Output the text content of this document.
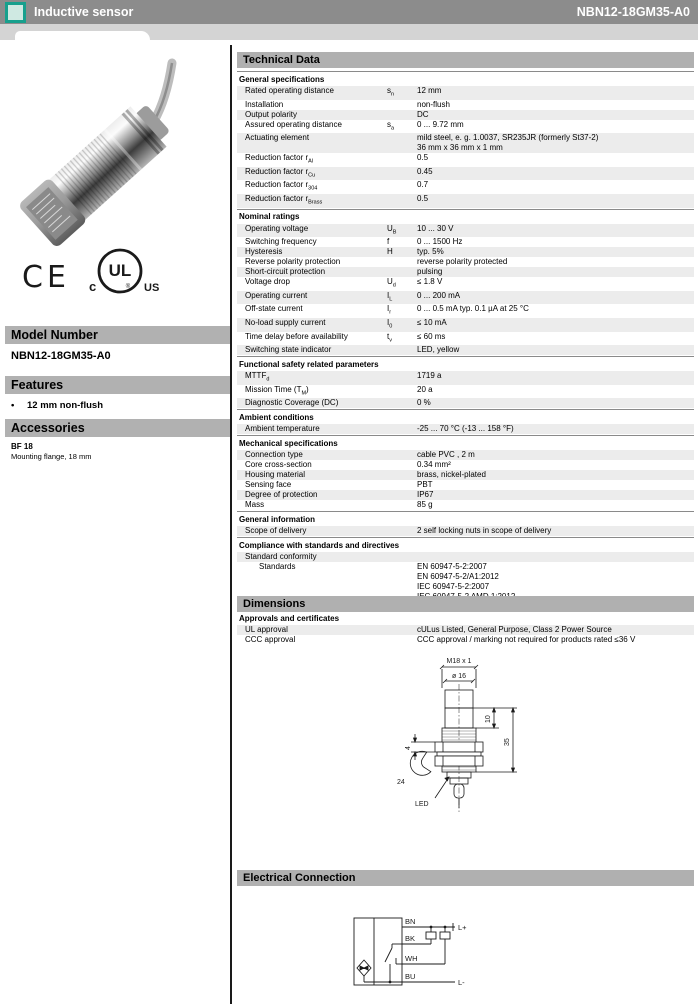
Inductive sensor	NBN12-18GM35-A0
CE UL
®
c	US
Model Number
NBN12-18GM35-A0
Features
•	12 mm non-flush
Accessories
BF 18
Mounting flange, 18 mm
Technical Data
General specifications
Rated operating distance	$s_n$	12 mm
Installation	non-flush
Output polarity	DC
Assured operating distance	$s_a$	0 ... 9.72 mm
Actuating element	mild steel, e. g. 1.0037, SR235JR (formerly St37-2)
36 mm x 36 mm x 1 mm
Reduction factor $r_{Al}$	0.5
Reduction factor $r_{Cu}$	0.45
Reduction factor $r_{304}$	0.7
Reduction factor $r_{Brass}$	0.5
Nominal ratings
Operating voltage	$U_B$	10 ... 30 V
Switching frequency	f	0 ... 1500 Hz
Hysteresis	H	typ. 5%
Reverse polarity protection	reverse polarity protected
Short-circuit protection	pulsing
Voltage drop	$U_d$	≤ 1.8 V
Operating current	$I_L$	0 ... 200 mA
Off-state current	$I_r$	0 ... 0.5 mA typ. 0.1 µA at 25 °C
No-load supply current	$I_0$	≤ 10 mA
Time delay before availability	$t_v$	≤ 60 ms
Switching state indicator	LED, yellow
Functional safety related parameters
$MTTF_d$	1719 a
Mission Time $(T_M)$	20 a
Diagnostic Coverage (DC)	0 %
Ambient conditions
Ambient temperature	-25 ... 70 °C (-13 ... 158 °F)
Mechanical specifications
Connection type	cable PVC , 2 m
Core cross-section	0.34 mm²
Housing material	brass, nickel-plated
Sensing face	PBT
Degree of protection	IP67
Mass	85 g
General information
Scope of delivery	2 self locking nuts in scope of delivery
Compliance with standards and directives
Standard conformity
Standards	EN 60947-5-2:2007
EN 60947-5-2/A1:2012
IEC 60947-5-2:2007
Approvals and certificates
UL approval	cULus Listed, General Purpose, Class 2 Power Source
CCC approval	CCC approval / marking not required for products rated ≤36 V
Dimensions
M18 x 1
ø 16
10
35
4
24
LED
Electrical Connection
BN
BK
WH
BU
L+
L-
